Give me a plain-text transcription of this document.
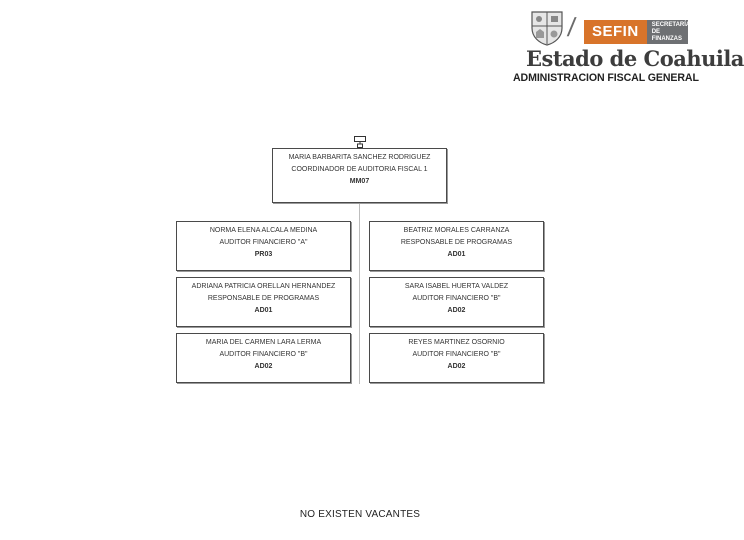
/ SEFIN	SECRETARÍA DE FINANZAS
Estado de Coahuila
ADMINISTRACION FISCAL GENERAL
MARIA BARBARITA SANCHEZ RODRIGUEZ
COORDINADOR DE AUDITORIA FISCAL 1
MM07
NORMA ELENA ALCALA MEDINA
AUDITOR FINANCIERO "A"
PR03
BEATRIZ MORALES CARRANZA
RESPONSABLE DE PROGRAMAS
AD01
ADRIANA PATRICIA ORELLAN HERNANDEZ
RESPONSABLE DE PROGRAMAS
AD01
SARA ISABEL HUERTA VALDEZ
AUDITOR FINANCIERO "B"
AD02
MARIA DEL CARMEN LARA LERMA
AUDITOR FINANCIERO "B"
AD02
REYES MARTINEZ OSORNIO
AUDITOR FINANCIERO "B"
AD02
NO EXISTEN VACANTES
